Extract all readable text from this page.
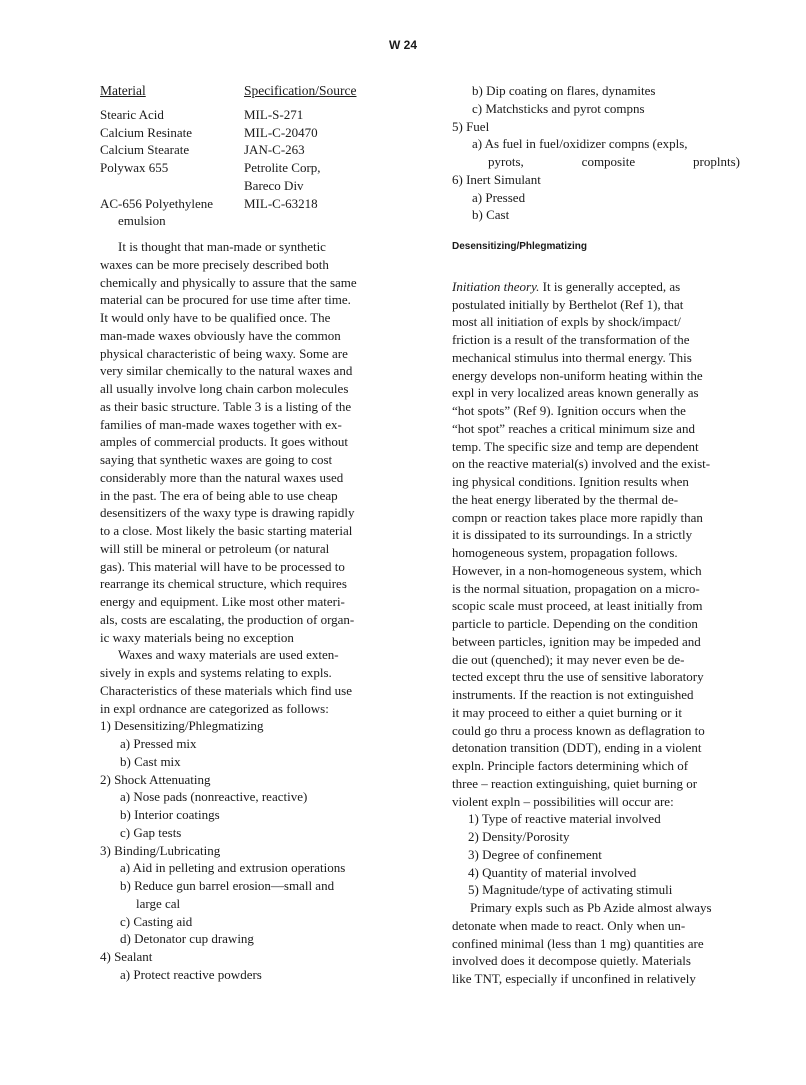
W 24
Material	Specification/Source
Stearic Acid	MIL-S-271
Calcium Resinate	MIL-C-20470
Calcium Stearate	JAN-C-263
Polywax 655	Petrolite Corp,
Bareco Div
AC-656 Polyethylene	MIL-C-63218
emulsion
It is thought that man-made or synthetic
waxes can be more precisely described both
chemically and physically to assure that the same
material can be procured for use time after time.
It would only have to be qualified once. The
man-made waxes obviously have the common
physical characteristic of being waxy. Some are
very similar chemically to the natural waxes and
all usually involve long chain carbon molecules
as their basic structure. Table 3 is a listing of the
families of man-made waxes together with ex-
amples of commercial products. It goes without
saying that synthetic waxes are going to cost
considerably more than the natural waxes used
in the past. The era of being able to use cheap
desensitizers of the waxy type is drawing rapidly
to a close. Most likely the basic starting material
will still be mineral or petroleum (or natural
gas). This material will have to be processed to
rearrange its chemical structure, which requires
energy and equipment. Like most other materi-
als, costs are escalating, the production of organ-
ic waxy materials being no exception
Waxes and waxy materials are used exten-
sively in expls and systems relating to expls.
Characteristics of these materials which find use
in expl ordnance are categorized as follows:
1) Desensitizing/Phlegmatizing
a) Pressed mix
b) Cast mix
2) Shock Attenuating
a) Nose pads (nonreactive, reactive)
b) Interior coatings
c) Gap tests
3) Binding/Lubricating
a) Aid in pelleting and extrusion operations
b) Reduce gun barrel erosion—small and
large cal
c) Casting aid
d) Detonator cup drawing
4) Sealant
a) Protect reactive powders
b) Dip coating on flares, dynamites
c) Matchsticks and pyrot compns
5) Fuel
a) As fuel in fuel/oxidizer compns (expls,
pyrots,	composite	proplnts)
6) Inert Simulant
a) Pressed
b) Cast
Desensitizing/Phlegmatizing
Initiation theory. It is generally accepted, as
postulated initially by Berthelot (Ref 1), that
most all initiation of expls by shock/impact/
friction is a result of the transformation of the
mechanical stimulus into thermal energy. This
energy develops non-uniform heating within the
expl in very localized areas known generally as
“hot spots” (Ref 9). Ignition occurs when the
“hot spot” reaches a critical minimum size and
temp. The specific size and temp are dependent
on the reactive material(s) involved and the exist-
ing physical conditions. Ignition results when
the heat energy liberated by the thermal de-
compn or reaction takes place more rapidly than
it is dissipated to its surroundings. In a strictly
homogeneous system, propagation follows.
However, in a non-homogeneous system, which
is the normal situation, propagation on a micro-
scopic scale must proceed, at least initially from
particle to particle. Depending on the condition
between particles, ignition may be impeded and
die out (quenched); it may never even be de-
tected except thru the use of sensitive laboratory
instruments. If the reaction is not extinguished
it may proceed to either a quiet burning or it
could go thru a process known as deflagration to
detonation transition (DDT), ending in a violent
expln. Principle factors determining which of
three – reaction extinguishing, quiet burning or
violent expln – possibilities will occur are:
1) Type of reactive material involved
2) Density/Porosity
3) Degree of confinement
4) Quantity of material involved
5) Magnitude/type of activating stimuli
Primary expls such as Pb Azide almost always
detonate when made to react. Only when un-
confined minimal (less than 1 mg) quantities are
involved does it decompose quietly. Materials
like TNT, especially if unconfined in relatively
